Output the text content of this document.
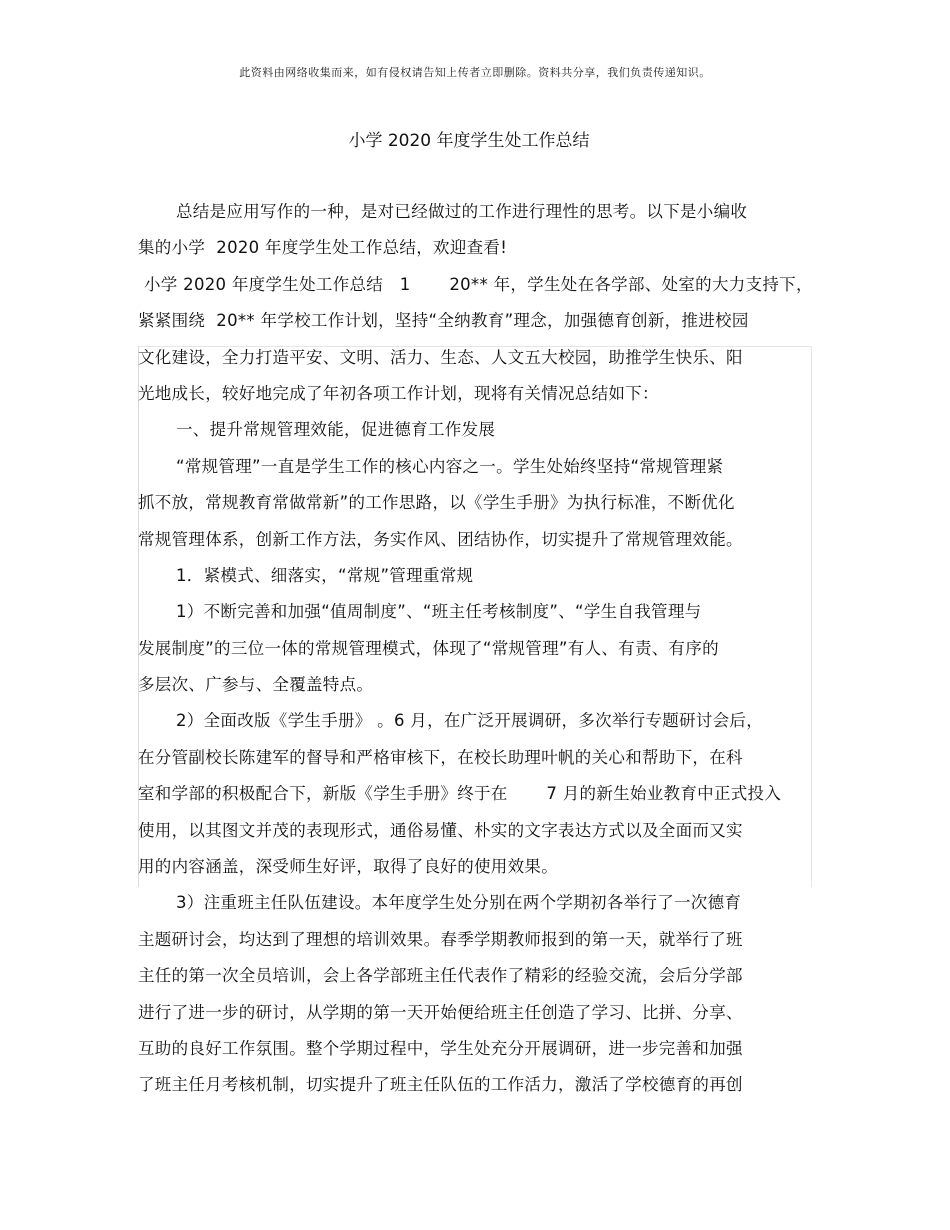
此资料由网络收集而来，如有侵权请告知上传者立即删除。资料共分享，我们负责传递知识。
小学 2020 年度学生处工作总结
总结是应用写作的一种，是对已经做过的工作进行理性的思考。以下是小编收
集的小学  2020 年度学生处工作总结，欢迎查看!
小学 2020 年度学生处工作总结   1       20** 年，学生处在各学部、处室的大力支持下，
紧紧围绕  20** 年学校工作计划，坚持“全纳教育”理念，加强德育创新，推进校园
文化建设，全力打造平安、文明、活力、生态、人文五大校园，助推学生快乐、阳
光地成长，较好地完成了年初各项工作计划，现将有关情况总结如下：
一、提升常规管理效能，促进德育工作发展
“常规管理”一直是学生工作的核心内容之一。学生处始终坚持“常规管理紧
抓不放，常规教育常做常新”的工作思路，以《学生手册》为执行标准，不断优化
常规管理体系，创新工作方法，务实作风、团结协作，切实提升了常规管理效能。
1．紧模式、细落实，“常规”管理重常规
1）不断完善和加强“值周制度”、“班主任考核制度”、“学生自我管理与
发展制度”的三位一体的常规管理模式，体现了“常规管理”有人、有责、有序的
多层次、广参与、全覆盖特点。
2）全面改版《学生手册》 。6 月，在广泛开展调研，多次举行专题研讨会后，
在分管副校长陈建军的督导和严格审核下，在校长助理叶帆的关心和帮助下，在科
室和学部的积极配合下，新版《学生手册》终于在       7 月的新生始业教育中正式投入
使用，以其图文并茂的表现形式，通俗易懂、朴实的文字表达方式以及全面而又实
用的内容涵盖，深受师生好评，取得了良好的使用效果。
3）注重班主任队伍建设。本年度学生处分别在两个学期初各举行了一次德育
主题研讨会，均达到了理想的培训效果。春季学期教师报到的第一天，就举行了班
主任的第一次全员培训，会上各学部班主任代表作了精彩的经验交流，会后分学部
进行了进一步的研讨，从学期的第一天开始便给班主任创造了学习、比拼、分享、
互助的良好工作氛围。整个学期过程中，学生处充分开展调研，进一步完善和加强
了班主任月考核机制，切实提升了班主任队伍的工作活力，激活了学校德育的再创
